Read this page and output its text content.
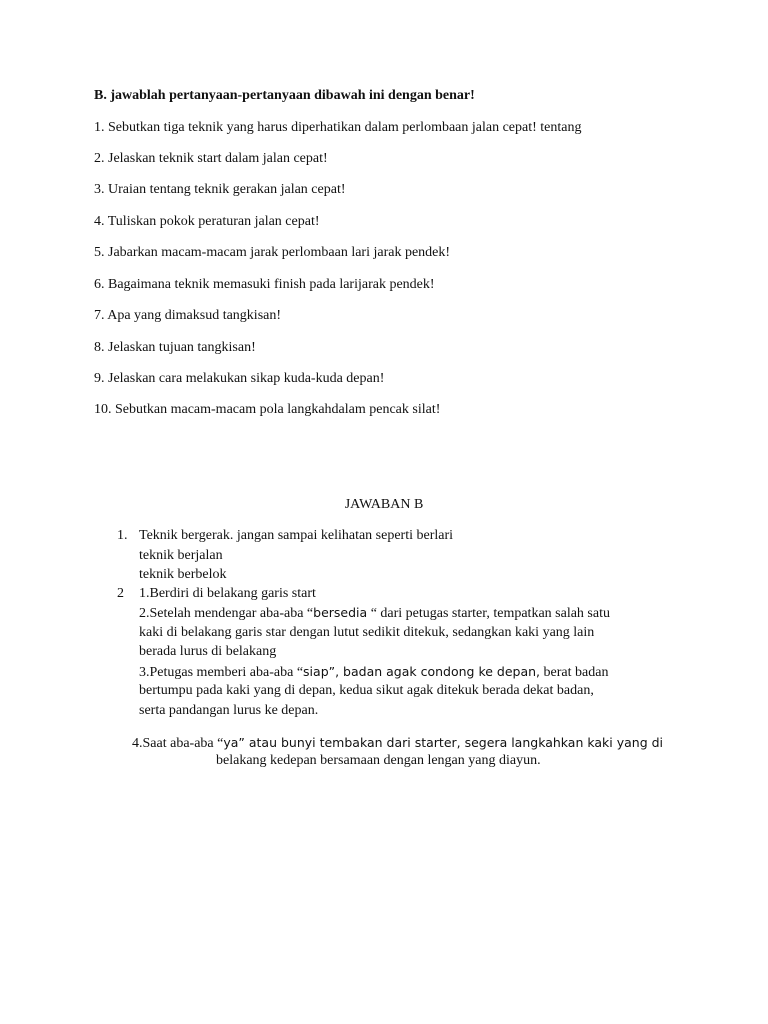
B. jawablah pertanyaan-pertanyaan dibawah ini dengan benar!
1. Sebutkan tiga teknik yang harus diperhatikan dalam perlombaan jalan cepat! tentang
2. Jelaskan teknik start dalam jalan cepat!
3. Uraian tentang teknik gerakan jalan cepat!
4. Tuliskan pokok peraturan jalan cepat!
5. Jabarkan macam-macam jarak perlombaan lari jarak pendek!
6. Bagaimana teknik memasuki finish pada larijarak pendek!
7. Apa yang dimaksud tangkisan!
8. Jelaskan tujuan tangkisan!
9. Jelaskan cara melakukan sikap kuda-kuda depan!
10. Sebutkan macam-macam pola langkahdalam pencak silat!
JAWABAN B
1. Teknik bergerak. jangan sampai kelihatan seperti berlari
teknik berjalan
teknik berbelok
2 1.Berdiri di belakang garis start
2.Setelah mendengar aba-aba “bersedia “ dari petugas starter, tempatkan salah satu
kaki di belakang garis star dengan lutut sedikit ditekuk, sedangkan kaki yang lain
berada lurus di belakang
3.Petugas memberi aba-aba “siap”, badan agak condong ke depan, berat badan
bertumpu pada kaki yang di depan, kedua sikut agak ditekuk berada dekat badan,
serta pandangan lurus ke depan.
4.Saat aba-aba “ya” atau bunyi tembakan dari starter, segera langkahkan kaki yang di
belakang kedepan bersamaan dengan lengan yang diayun.
